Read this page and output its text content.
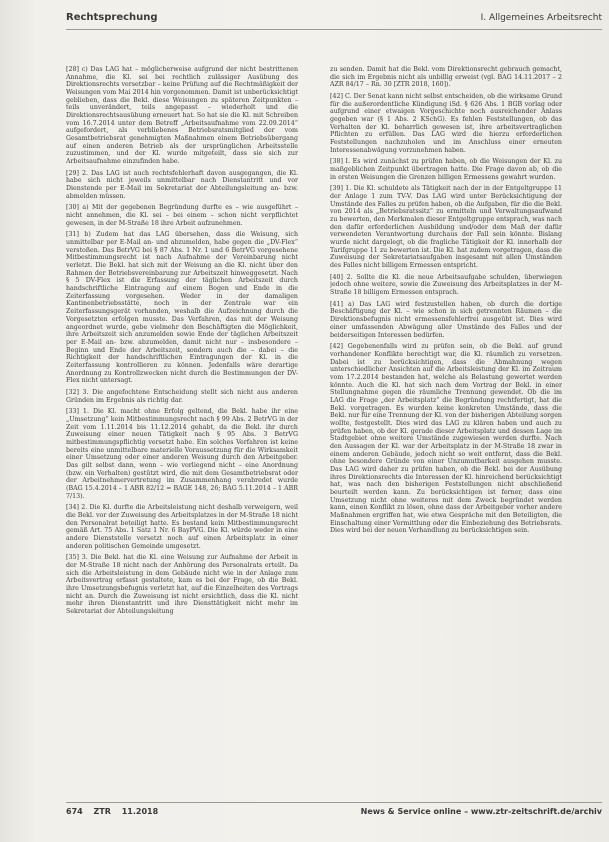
Rechtsprechung	I. Allgemeines Arbeitsrecht

[28] c) Das LAG hat – möglicherweise aufgrund der nicht bestrittenen Annahme, die Kl. sei bei rechtlich zulässiger Ausübung des Direktionsrechts versetzbar – keine Prüfung auf die Rechtmäßigkeit der Weisungen vom Mai 2014 hin vorgenommen. Damit ist unberücksichtigt geblieben, dass die Bekl. diese Weisungen zu späteren Zeitpunkten – teils unverändert, teils angepasst – wiederholt und die Direktionsrechtsausübung erneuert hat. So hat sie die Kl. mit Schreiben vom 16.7.2014 unter dem Betreff „Arbeitsaufnahme vom 22.09.2014“ aufgefordert, als verbliebenes Betriebsratsmitglied der vom Gesamtbetriebsrat genehmigten Maßnahmen einem Betriebsübergang auf einen anderen Betrieb als der ursprünglichen Arbeitsstelle zuzustimmen, und der Kl. wurde mitgeteilt, dass sie sich zur Arbeitsaufnahme einzufinden habe.

[29] 2. Das LAG ist auch rechtsfehlerhaft davon ausgegangen, die Kl. habe sich nicht jeweils unmittelbar nach Dienstantritt und vor Dienstende per E-Mail im Sekretariat der Abteilungsleitung an- bzw. abmelden müssen.

[30] a) Mit der gegebenen Begründung durfte es – wie ausgeführt – nicht annehmen, die Kl. sei – bei einem – schon nicht verpflichtet gewesen, in der M-Straße 18 ihre Arbeit aufzunehmen.

[31] b) Zudem hat das LAG übersehen, dass die Weisung, sich unmittelbar per E-Mail an- und abzumelden, habe gegen die „DV-Flex“ verstoßen. Das BetrVG bei § 87 Abs. 1 Nr. 1 und 6 BetrVG vorgesehene Mitbestimmungsrecht ist nach Aufnahme der Vereinbarung nicht verletzt. Die Bekl. hat sich mit der Weisung an die Kl. nicht über den Rahmen der Betriebsvereinbarung zur Arbeitszeit hinweggesetzt. Nach § 5 DV-Flex ist die Erfassung der täglichen Arbeitszeit durch handschriftliche Eintragung auf einem Bogen und Ende in die Zeiterfassung vorgesehen. Weder in der damaligen Kantinenbetriebsstätte, noch in der Zentrale war ein Zeiterfassungsgerät vorhanden, weshalb die Aufzeichnung durch die Vorgesetzten erfolgen musste. Das Verfahren, das mit der Weisung angeordnet wurde, gebe vielmehr den Beschäftigten die Möglichkeit, ihre Arbeitszeit sich anzumelden sowie Ende der täglichen Arbeitszeit per E-Mail an- bzw. abzumelden, damit nicht nur – insbesondere – Beginn und Ende der Arbeitszeit, sondern auch die – dabei – die Richtigkeit der handschriftlichen Eintragungen der Kl. in die Zeiterfassung kontrollieren zu können. Jedenfalls wäre derartige Anordnung zu Kontrollzwecken nicht durch die Bestimmungen der DV-Flex nicht untersagt.

[32] 3. Die angefochtene Entscheidung stellt sich nicht aus anderen Gründen im Ergebnis als richtig dar.

[33] 1. Die Kl. macht ohne Erfolg geltend, die Bekl. habe ihr eine „Umsetzung“ kein Mitbestimmungsrecht nach § 99 Abs. 2 BetrVG in der Zeit vom 1.11.2014 bis 11.12.2014 gehabt, da die Bekl. ihr durch Zuweisung einer neuen Tätigkeit nach § 95 Abs. 3 BetrVG mitbestimmungspflichtig versetzt habe. Ein solches Verfahren ist keine bereits eine unmittelbare materielle Voraussetzung für die Wirksamkeit einer Umsetzung oder einer anderen Weisung durch den Arbeitgeber. Das gilt selbst dann, wenn – wie vorliegend nicht – eine Anordnung (bzw. ein Verhalten) gestützt wird, die mit dem Gesamtbetriebsrat oder der Arbeitnehmervertretung im Zusammenhang verabredet wurde (BAG 15.4.2014 – 1 ABR 82/12 = BAGE 148, 26; BAG 5.11.2014 – 1 ABR 7/13).

[34] 2. Die Kl. durfte die Arbeitsleistung nicht deshalb verweigern, weil die Bekl. vor der Zuweisung des Arbeitsplatzes in der M-Straße 18 nicht den Personalrat beteiligt hatte. Es bestand kein Mitbestimmungsrecht gemäß Art. 75 Abs. 1 Satz 1 Nr. 6 BayPVG. Die Kl. würde weder in eine andere Dienststelle versetzt noch auf einen Arbeitsplatz in einer anderen politischen Gemeinde umgesetzt.

[35] 3. Die Bekl. hat die Kl. eine Weisung zur Aufnahme der Arbeit in der M-Straße 18 nicht nach der Anhörung des Personalrats erteilt. Da sich die Arbeitsleistung in dem Gebäude nicht wie in der Anlage zum Arbeitsvertrag erfasst gestaltete, kam es bei der Frage, ob die Bekl. ihre Umsetzungsbefugnis verletzt hat, auf die Einzelheiten des Vortrags nicht an. Durch die Zuweisung ist nicht ersichtlich, dass die Kl. nicht mehr ihren Dienstantritt und ihre Diensttätigkeit nicht mehr im Sekretariat der Abteilungsleitung

zu senden. Damit hat die Bekl. vom Direktionsrecht gebrauch gemacht, die sich im Ergebnis nicht als unbillig erweist (vgl. BAG 14.11.2017 – 2 AZR 84/17 – Rn. 30 [ZTR 2018, 160]).

[42] C. Der Senat kann nicht selbst entscheiden, ob die wirksame Grund für die außerordentliche Kündigung iSd. § 626 Abs. 1 BGB vorlag oder aufgrund einer etwaigen Vorgeschichte noch ausreichender Anlass gegeben war (§ 1 Abs. 2 KSchG). Es fehlen Feststellungen, ob das Verhalten der Kl. beharrlich gewesen ist, ihre arbeitsvertraglichen Pflichten zu erfüllen. Das LAG wird die hierzu erforderlichen Feststellungen nachzuholen und im Anschluss einer erneuten Interessenabwägung vorzunehmen haben.

[38] I. Es wird zunächst zu prüfen haben, ob die Weisungen der Kl. zu maßgeblichen Zeitpunkt übertragen hatte. Die Frage davon ab, ob die in ersten Weisungen die Grenzen billigen Ermessens gewahrt wurden.

[39] 1. Die Kl. schuldete als Tätigkeit nach der in der Entgeltgruppe 11 der Anlage 1 zum TV-V. Das LAG wird unter Berücksichtigung der Umstände des Falles zu prüfen haben, ob die Aufgaben, für die die Bekl. von 2014 als „Betriebsratssitz“ zu ermitteln und Verwaltungsaufwand zu bewerten, den Merkmalen dieser Entgeltgruppe entsprach, was nach den dafür erforderlichen Ausbildung und/oder dem Maß der dafür verwendeten Verantwortung durchaus der Fall sein könnte. Bislang wurde nicht dargelegt, ob die fragliche Tätigkeit der Kl. innerhalb der Tarifgruppe 11 zu bewerten ist. Die Kl. hat zudem vorgetragen, dass die Zuweisung der Sekretariatsaufgaben insgesamt mit allen Umständen des Falles nicht billigem Ermessen entspricht.

[40] 2. Sollte die Kl. die neue Arbeitsaufgabe schulden, überwiegen jedoch ohne weitere, sowie die Zuweisung des Arbeitsplatzes in der M-Straße 18 billigem Ermessen entsprach.

[41] a) Das LAG wird festzustellen haben, ob durch die dortige Beschäftigung der Kl. – wie schon in sich getrennten Räumen – die Direktionsbefugnis nicht ermessensfehlerfrei ausgeübt ist. Dies wird einer umfassenden Abwägung aller Umstände des Falles und der beiderseitigen Interessen bedürfen.

[42] Gegebenenfalls wird zu prüfen sein, ob die Bekl. auf grund vorhandener Konflikte berechtigt war, die Kl. räumlich zu versetzen. Dabei ist zu berücksichtigen, dass die Abmahnung wegen unterschiedlicher Ansichten auf die Arbeitsleistung der Kl. im Zeitraum vom 17.2.2014 bestanden hat, welche als Belastung gewertet werden könnte. Auch die Kl. hat sich nach dem Vortrag der Bekl. in einer Stellungnahme gegen die räumliche Trennung gewendet. Ob die im LAG die Frage „der Arbeitsplatz“ die Begründung rechtfertigt, hat die Bekl. vorgetragen. Es wurden keine konkreten Umstände, dass die Bekl. nur für eine Trennung der Kl. von der bisherigen Abteilung sorgen wollte, festgestellt. Dies wird das LAG zu klären haben und auch zu prüfen haben, ob der Kl. gerade dieser Arbeitsplatz und dessen Lage im Stadtgebiet ohne weitere Umstände zugewiesen werden durfte. Nach den Aussagen der Kl. war der Arbeitsplatz in der M-Straße 18 zwar in einem anderen Gebäude, jedoch nicht so weit entfernt, dass die Bekl. ohne besondere Gründe von einer Unzumutbarkeit ausgehen musste. Das LAG wird daher zu prüfen haben, ob die Bekl. bei der Ausübung ihres Direktionsrechts die Interessen der Kl. hinreichend berücksichtigt hat, was nach den bisherigen Feststellungen nicht abschließend beurteilt werden kann. Zu berücksichtigen ist ferner, dass eine Umsetzung nicht ohne weiteres mit dem Zweck begründet werden kann, einen Konflikt zu lösen, ohne dass der Arbeitgeber vorher andere Maßnahmen ergriffen hat, wie etwa Gespräche mit den Beteiligten, die Einschaltung einer Vermittlung oder die Einbeziehung des Betriebsrats. Dies wird bei der neuen Verhandlung zu berücksichtigen sein.

674 ZTR 11.2018	News & Service online – www.ztr-zeitschrift.de/archiv
